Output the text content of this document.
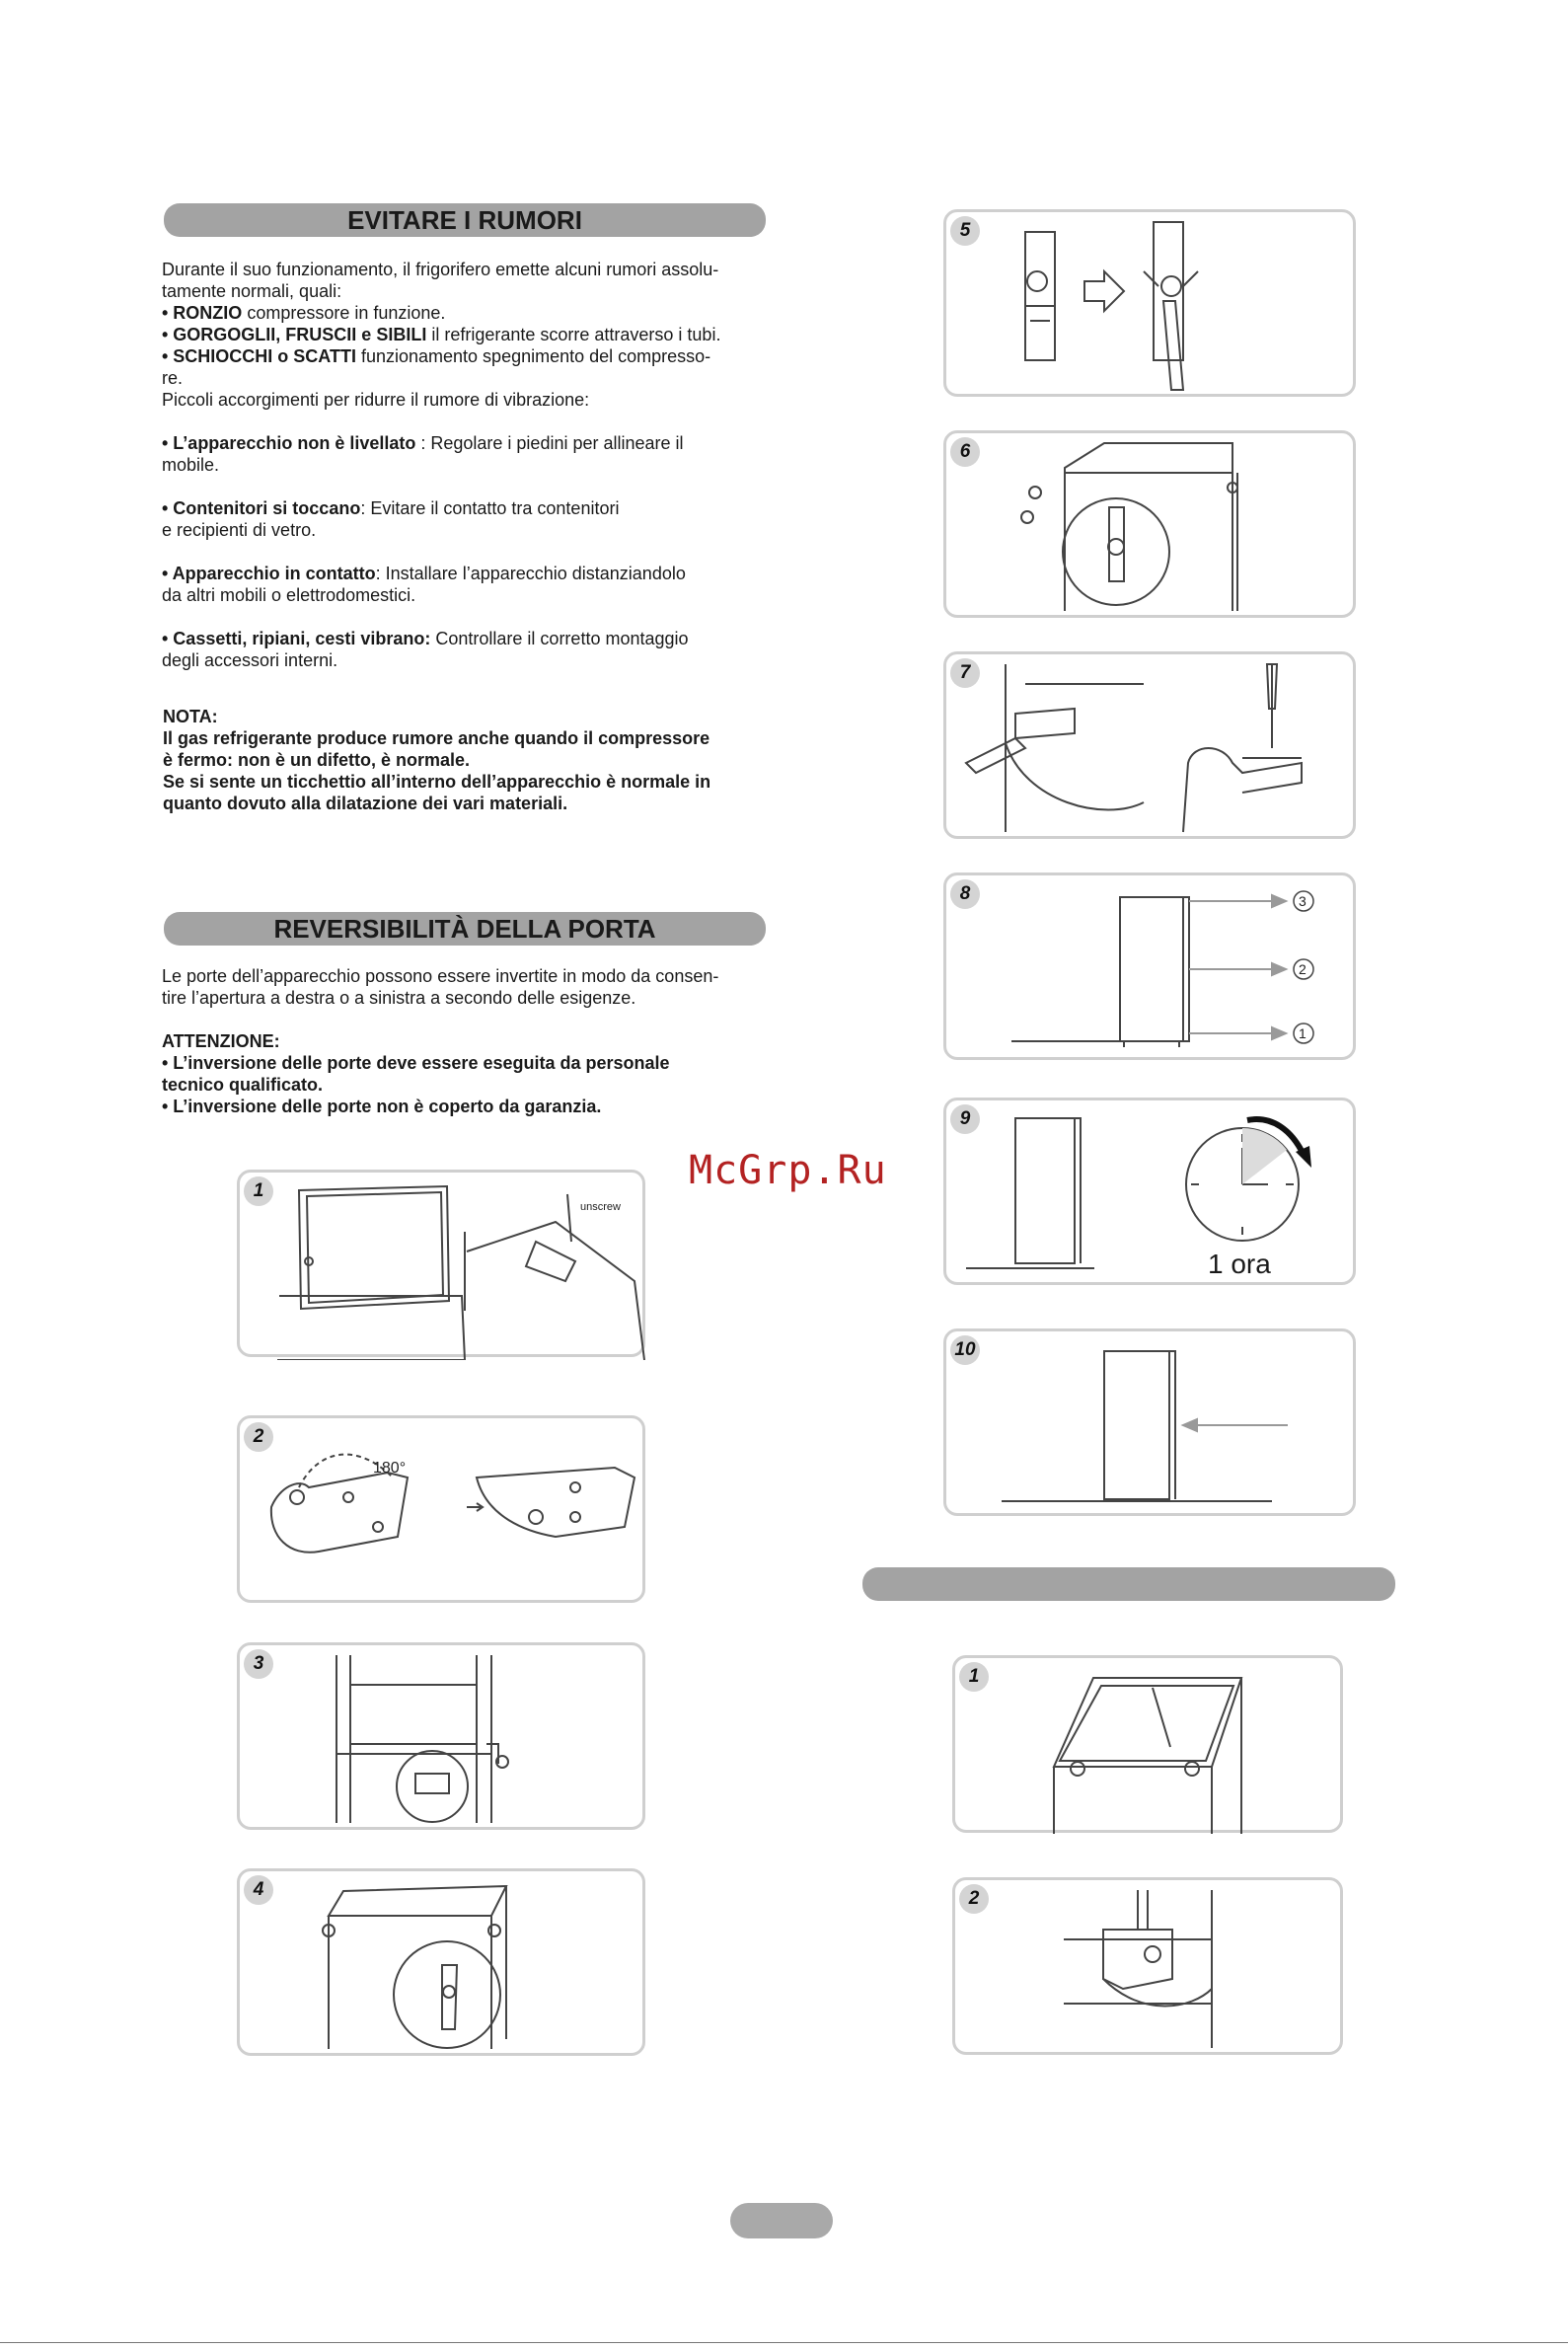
EVITARE I RUMORI

Durante il suo funzionamento, il frigorifero emette alcuni rumori assolu-

tamente normali, quali:

• RONZIO compressore in funzione.

• GORGOGLII, FRUSCII e SIBILI il refrigerante scorre attraverso i tubi.

• SCHIOCCHI o SCATTI funzionamento spegnimento del compresso-

re.

Piccoli accorgimenti per ridurre il rumore di vibrazione:

• L’apparecchio non è livellato : Regolare i piedini per allineare il

mobile.

• Contenitori si toccano: Evitare il contatto tra contenitori

e recipienti di vetro.

• Apparecchio in contatto: Installare l’apparecchio distanziandolo

da altri mobili o elettrodomestici.

• Cassetti, ripiani, cesti vibrano: Controllare il corretto montaggio

degli accessori interni.

NOTA:

Il gas refrigerante produce rumore anche quando il compressore

è fermo: non è un difetto, è normale.

Se si sente un ticchettio all’interno dell’apparecchio è normale in

quanto dovuto alla dilatazione dei vari materiali.

REVERSIBILITÀ DELLA PORTA

Le porte dell’apparecchio possono essere invertite in modo da consen-

tire l’apertura a destra o a sinistra a secondo delle esigenze.

ATTENZIONE:

• L’inversione delle porte deve essere eseguita da personale

tecnico qualificato.

• L’inversione delle porte non è coperto da garanzia.

unscrew
1
180°
2
3
4
5
6
7
3
2
1
8
1 ora
9
10
1
2
McGrp.Ru
